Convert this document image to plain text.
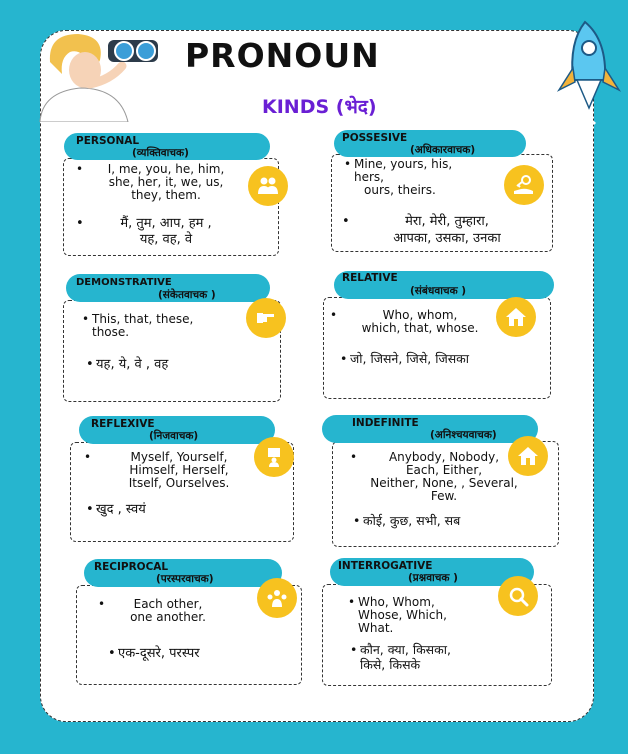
PRONOUN
KINDS (भेद)
PERSONAL
(व्यक्तिवाचक)
•	I, me, you, he, him,
she, her, it, we, us,
they, them.
•	मैं, तुम, आप, हम ,
यह, वह, वे
POSSESIVE
(अधिकारवाचक)
• Mine, yours, his,
hers,
ours, theirs.
•	मेरा, मेरी, तुम्हारा,
आपका, उसका, उनका
DEMONSTRATIVE
(संकेतवाचक )
• This, that, these,
those.
• यह, ये, वे , वह
RELATIVE
(संबंधवाचक )
•	Who, whom,
which, that, whose.
• जो, जिसने, जिसे, जिसका
REFLEXIVE
(निजवाचक)
•	Myself, Yourself,
Himself, Herself,
Itself, Ourselves.
• खुद , स्वयं
INDEFINITE
(अनिश्चयवाचक)
•	Anybody, Nobody,
Each, Either,
Neither, None, , Several,
Few.
• कोई, कुछ, सभी, सब
RECIPROCAL
(परस्परवाचक)
•	Each other,
one another.
• एक-दूसरे, परस्पर
INTERROGATIVE
(प्रश्नवाचक )
• Who, Whom,
Whose, Which,
What.
• कौन, क्या, किसका,
किसे, किसके
